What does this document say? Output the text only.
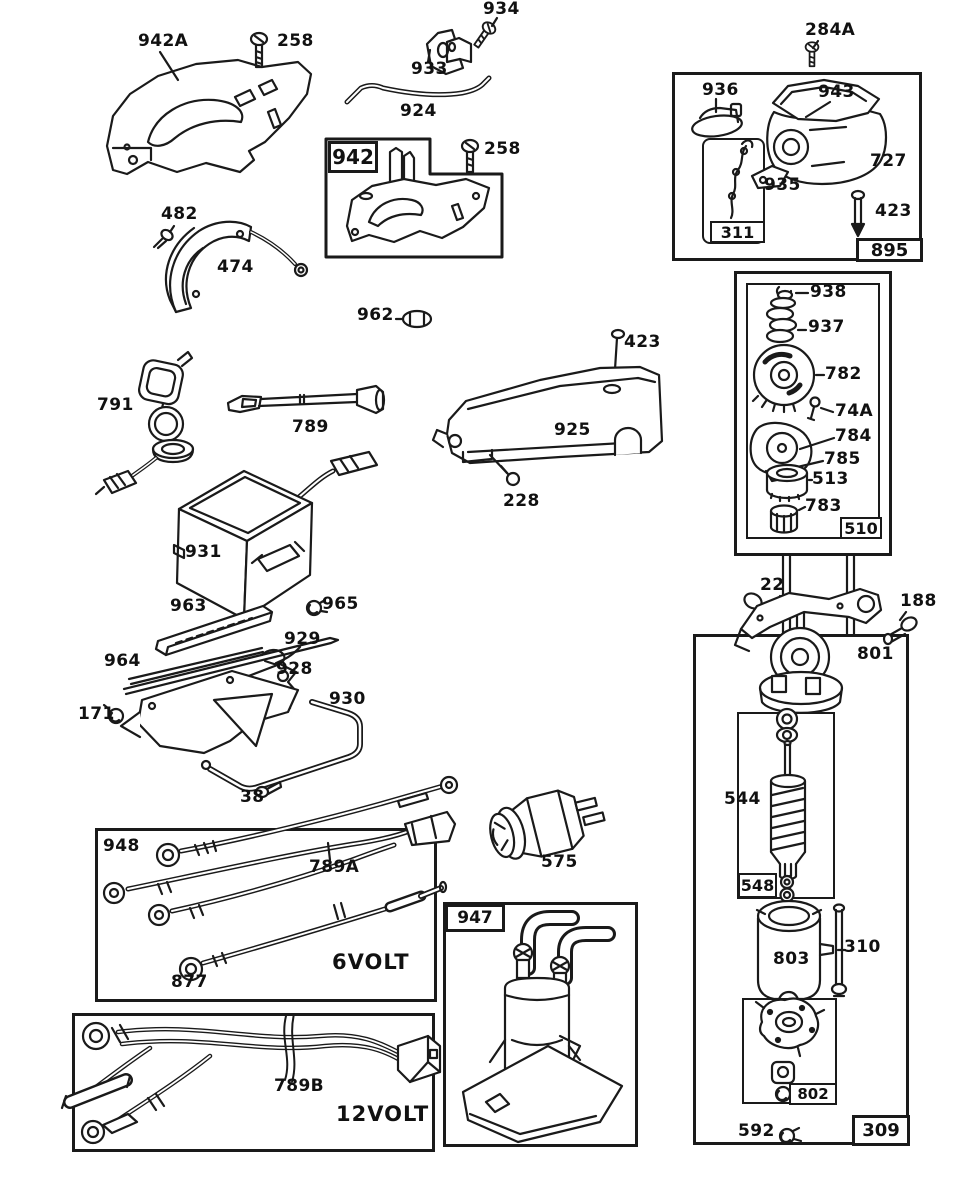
942
311
895
510
548
802
309
947
942A	258
934
933
924
258
284A
936	943
727
935
423
482
474
962
938
937
423
791
789	925
782
74A
784
785
513
228	783
931
22
188
963	965
801
929
964	928
930
171
38	544
948
789A	575
877
803
310
789B
592
6VOLT
12VOLT
